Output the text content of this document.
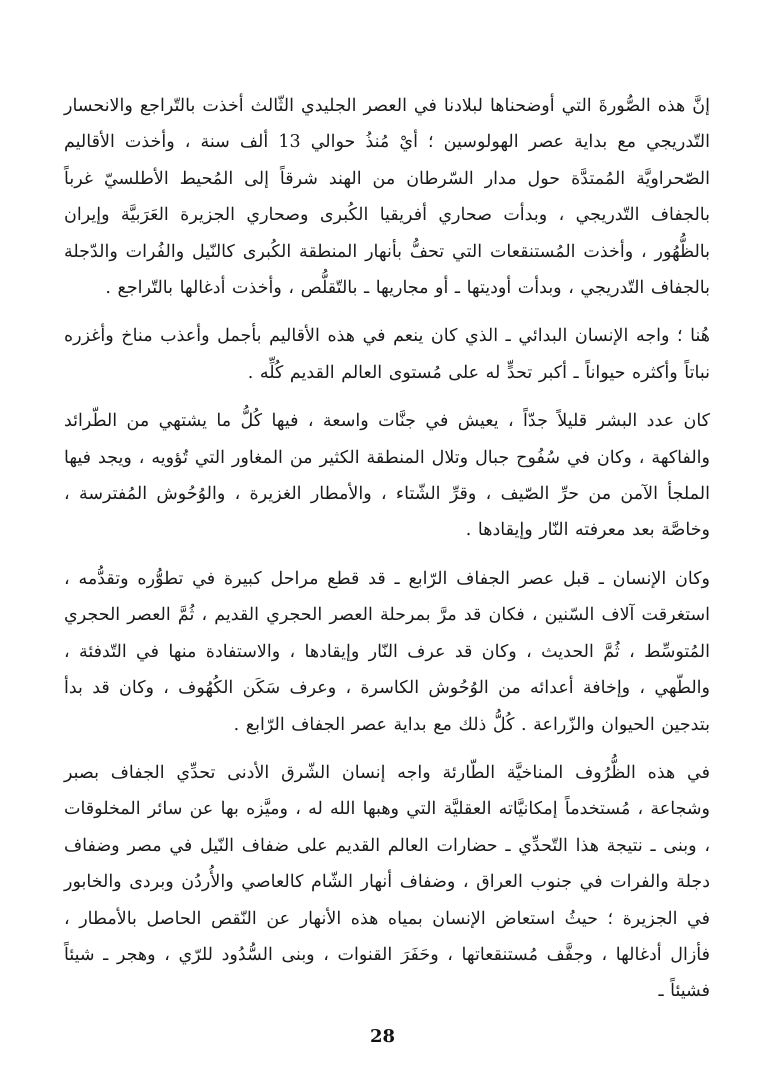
إنَّ هذه الصُّورةَ التي أوضحناها لبلادنا في العصر الجليدي الثّالث أخذت بالتّراجع والانحسار التّدريجي مع بداية عصر الهولوسين ؛ أيْ مُنذُ حوالي 13 ألف سنة ، وأخذت الأقاليم الصّحراويَّة المُمتدَّة حول مدار السّرطان من الهند شرقاً إلى المُحيط الأطلسيّ غرباً بالجفاف التّدريجي ، وبدأت صحاري أفريقيا الكُبرى وصحاري الجزيرة العَرَبيَّة وإيران بالظُّهُور ، وأخذت المُستنقعات التي تحفُّ بأنهار المنطقة الكُبرى كالنّيل والفُرات والدّجلة بالجفاف التّدريجي ، وبدأت أوديتها ـ أو مجاريها ـ بالتّقلُّص ، وأخذت أدغالها بالتّراجع .

هُنا ؛ واجه الإنسان البدائي ـ الذي كان ينعم في هذه الأقاليم بأجمل وأعذب مناخ وأغزره نباتاً وأكثره حيواناً ـ أكبر تحدٍّ له على مُستوى العالم القديم كُلِّه .

كان عدد البشر قليلاً جدّاً ، يعيش في جنَّات واسعة ، فيها كُلُّ ما يشتهي من الطّرائد والفاكهة ، وكان في سُفُوح جبال وتلال المنطقة الكثير من المغاور التي تُؤويه ، ويجد فيها الملجأ الآمن من حرِّ الصّيف ، وقرِّ الشّتاء ، والأمطار الغزيرة ، والوُحُوش المُفترسة ، وخاصَّة بعد معرفته النّار وإيقادها .

وكان الإنسان ـ قبل عصر الجفاف الرّابع ـ قد قطع مراحل كبيرة في تطوُّره وتقدُّمه ، استغرقت آلاف السّنين ، فكان قد مرَّ بمرحلة العصر الحجري القديم ، ثُمَّ العصر الحجري المُتوسِّط ، ثُمَّ الحديث ، وكان قد عرف النّار وإيقادها ، والاستفادة منها في التّدفئة ، والطّهي ، وإخافة أعدائه من الوُحُوش الكاسرة ، وعرف سَكَن الكُهُوف ، وكان قد بدأ بتدجين الحيوان والزّراعة . كُلُّ ذلك مع بداية عصر الجفاف الرّابع .

في هذه الظُّرُوف المناخيَّة الطّارئة واجه إنسان الشّرق الأدنى تحدِّي الجفاف بصبر وشجاعة ، مُستخدماً إمكانيَّاته العقليَّة التي وهبها الله له ، وميَّزه بها عن سائر المخلوقات ، وبنى ـ نتيجة هذا التّحدِّي ـ حضارات العالم القديم على ضفاف النّيل في مصر وضفاف دجلة والفرات في جنوب العراق ، وضفاف أنهار الشّام كالعاصي والأُردُن وبردى والخابور في الجزيرة ؛ حيثُ استعاض الإنسان بمياه هذه الأنهار عن النّقص الحاصل بالأمطار ، فأزال أدغالها ، وجفَّف مُستنقعاتها ، وحَفَرَ القنوات ، وبنى السُّدُود للرّي ، وهجر ـ شيئاً فشيئاً ـ

28
